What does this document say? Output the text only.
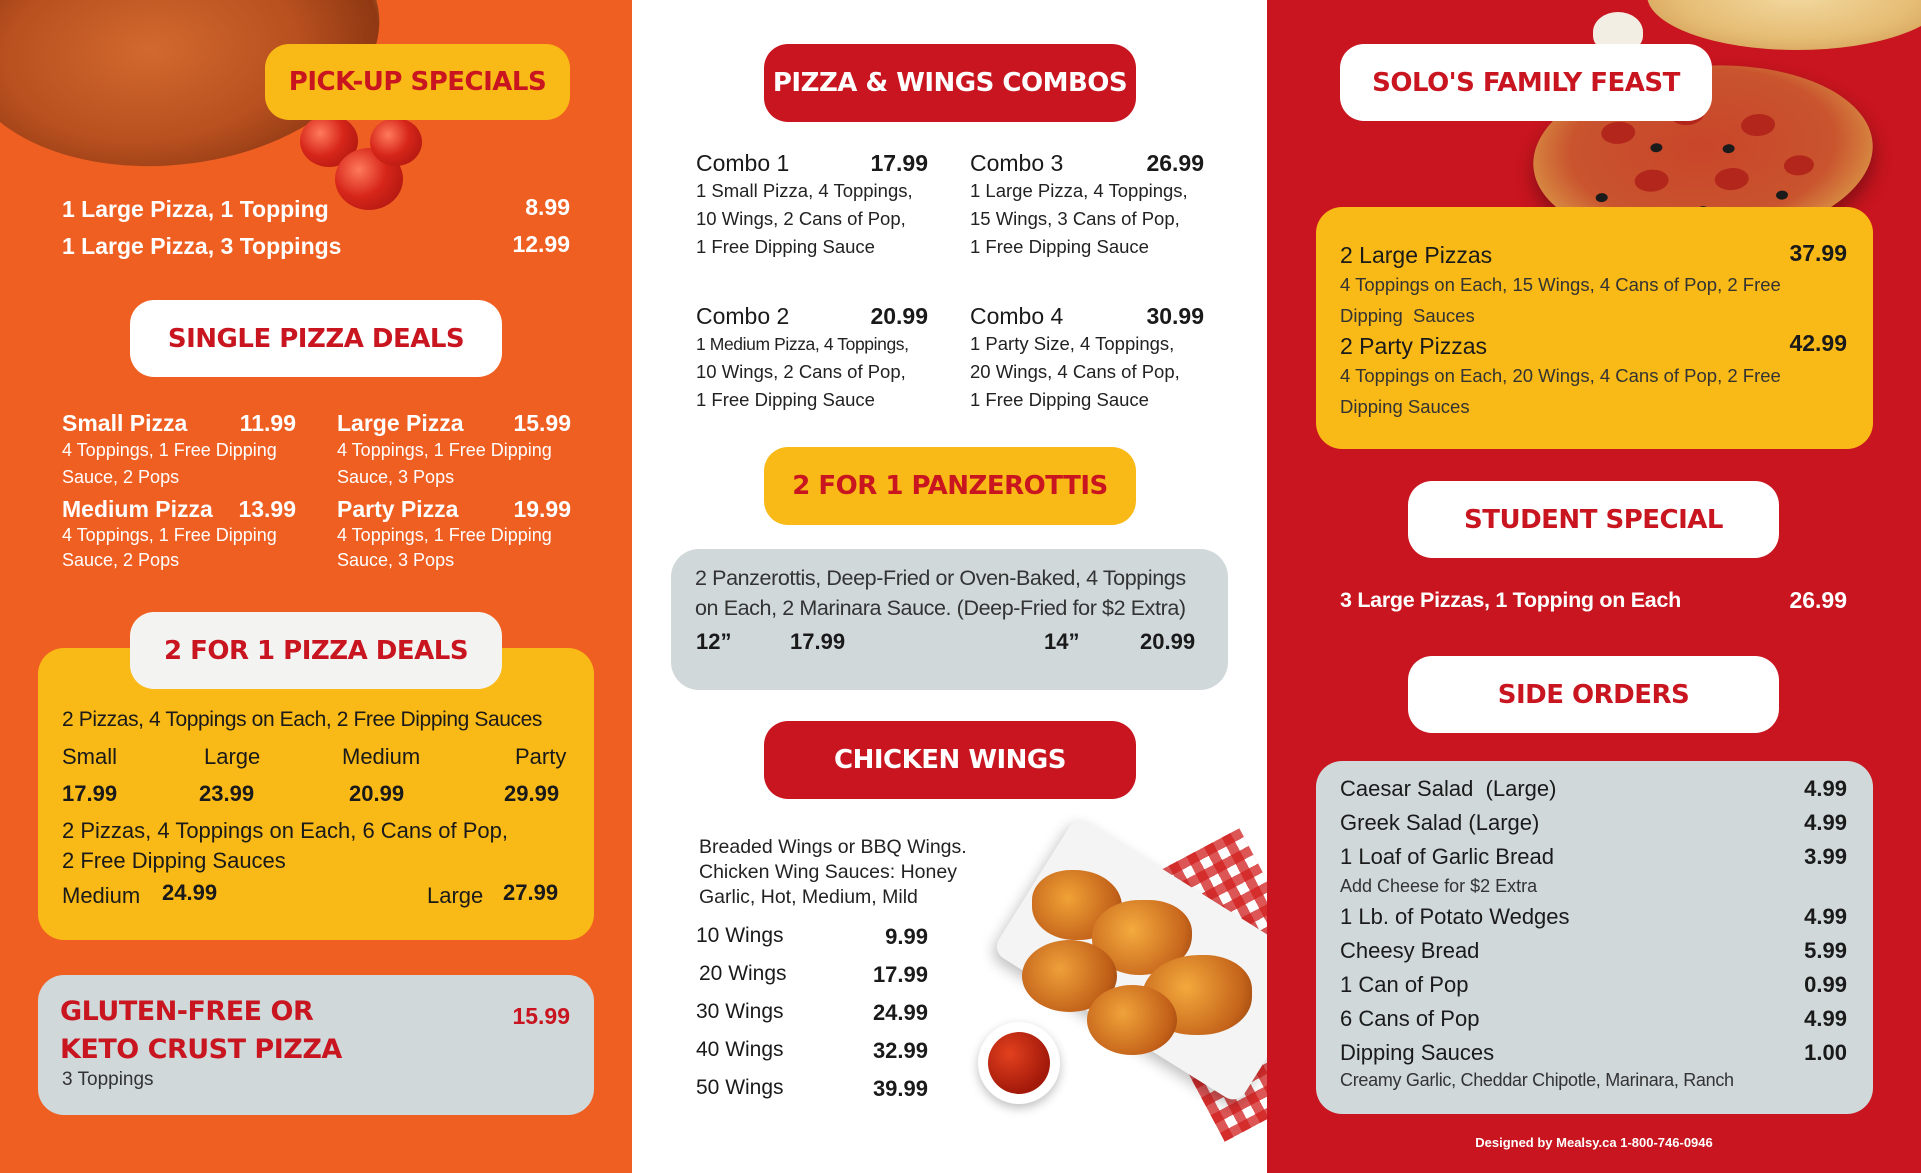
PICK-UP SPECIALS
1 Large Pizza, 1 Topping	8.99
1 Large Pizza, 3 Toppings	12.99
SINGLE PIZZA DEALS
Small Pizza 11.99
4 Toppings, 1 Free Dipping Sauce, 2 Pops
Large Pizza 15.99
4 Toppings, 1 Free Dipping Sauce, 3 Pops
Medium Pizza 13.99
4 Toppings, 1 Free Dipping Sauce, 2 Pops
Party Pizza 19.99
4 Toppings, 1 Free Dipping Sauce, 3 Pops
2 FOR 1 PIZZA DEALS
2 Pizzas, 4 Toppings on Each, 2 Free Dipping Sauces
Small	Large	Medium	Party
17.99	23.99	20.99	29.99
2 Pizzas, 4 Toppings on Each, 6 Cans of Pop,
2 Free Dipping Sauces
Medium 24.99	Large 27.99
GLUTEN-FREE OR
KETO CRUST PIZZA
15.99
3 Toppings
PIZZA & WINGS COMBOS
Combo 1	17.99
1 Small Pizza, 4 Toppings,
10 Wings, 2 Cans of Pop,
1 Free Dipping Sauce
Combo 3	26.99
1 Large Pizza, 4 Toppings,
15 Wings, 3 Cans of Pop,
1 Free Dipping Sauce
Combo 2	20.99
1 Medium Pizza, 4 Toppings,
10 Wings, 2 Cans of Pop,
1 Free Dipping Sauce
Combo 4	30.99
1 Party Size, 4 Toppings,
20 Wings, 4 Cans of Pop,
1 Free Dipping Sauce
2 FOR 1 PANZEROTTIS
2 Panzerottis, Deep-Fried or Oven-Baked, 4 Toppings
on Each, 2 Marinara Sauce. (Deep-Fried for $2 Extra)
12”	17.99	14”	20.99
CHICKEN WINGS
Breaded Wings or BBQ Wings.
Chicken Wing Sauces: Honey
Garlic, Hot, Medium, Mild
10 Wings	9.99
20 Wings	17.99
30 Wings	24.99
40 Wings	32.99
50 Wings	39.99
SOLO'S FAMILY FEAST
2 Large Pizzas	37.99
4 Toppings on Each, 15 Wings, 4 Cans of Pop, 2 Free
Dipping  Sauces
2 Party Pizzas	42.99
4 Toppings on Each, 20 Wings, 4 Cans of Pop, 2 Free
Dipping Sauces
STUDENT SPECIAL
3 Large Pizzas, 1 Topping on Each	26.99
SIDE ORDERS
Caesar Salad  (Large)	4.99
Greek Salad (Large)	4.99
1 Loaf of Garlic Bread	3.99
Add Cheese for $2 Extra
1 Lb. of Potato Wedges	4.99
Cheesy Bread	5.99
1 Can of Pop	0.99
6 Cans of Pop	4.99
Dipping Sauces	1.00
Creamy Garlic, Cheddar Chipotle, Marinara, Ranch
Designed by Mealsy.ca 1-800-746-0946
